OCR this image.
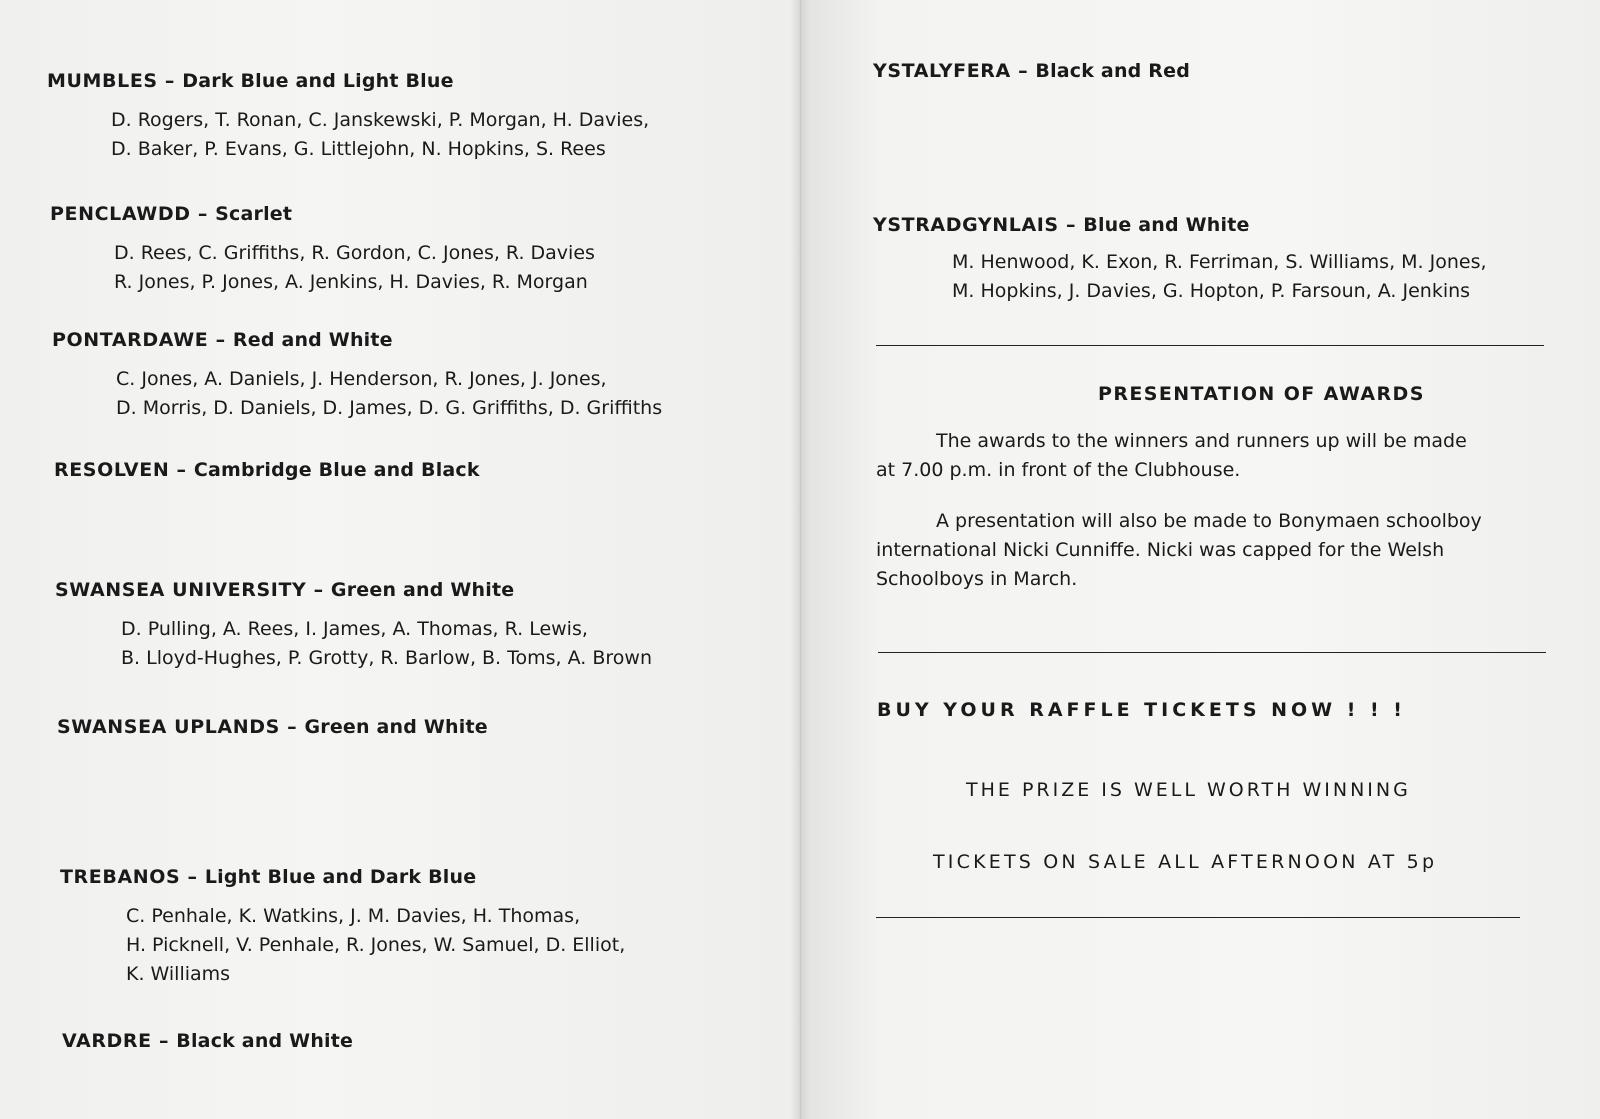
MUMBLES – Dark Blue and Light Blue
D. Rogers, T. Ronan, C. Janskewski, P. Morgan, H. Davies,
D. Baker, P. Evans, G. Littlejohn, N. Hopkins, S. Rees
PENCLAWDD – Scarlet
D. Rees, C. Griffiths, R. Gordon, C. Jones, R. Davies
R. Jones, P. Jones, A. Jenkins, H. Davies, R. Morgan
PONTARDAWE – Red and White
C. Jones, A. Daniels, J. Henderson, R. Jones, J. Jones,
D. Morris, D. Daniels, D. James, D. G. Griffiths, D. Griffiths
RESOLVEN – Cambridge Blue and Black
SWANSEA UNIVERSITY – Green and White
D. Pulling, A. Rees, I. James, A. Thomas, R. Lewis,
B. Lloyd-Hughes, P. Grotty, R. Barlow, B. Toms, A. Brown
SWANSEA UPLANDS – Green and White
TREBANOS – Light Blue and Dark Blue
C. Penhale, K. Watkins, J. M. Davies, H. Thomas,
H. Picknell, V. Penhale, R. Jones, W. Samuel, D. Elliot,
K. Williams
VARDRE – Black and White
YSTALYFERA – Black and Red
YSTRADGYNLAIS – Blue and White
M. Henwood, K. Exon, R. Ferriman, S. Williams, M. Jones,
M. Hopkins, J. Davies, G. Hopton, P. Farsoun, A. Jenkins
PRESENTATION OF AWARDS
The awards to the winners and runners up will be made
at 7.00 p.m. in front of the Clubhouse.
A presentation will also be made to Bonymaen schoolboy
international Nicki Cunniffe. Nicki was capped for the Welsh
Schoolboys in March.
BUY YOUR RAFFLE TICKETS NOW ! ! !
THE PRIZE IS WELL WORTH WINNING
TICKETS ON SALE ALL AFTERNOON AT 5p
